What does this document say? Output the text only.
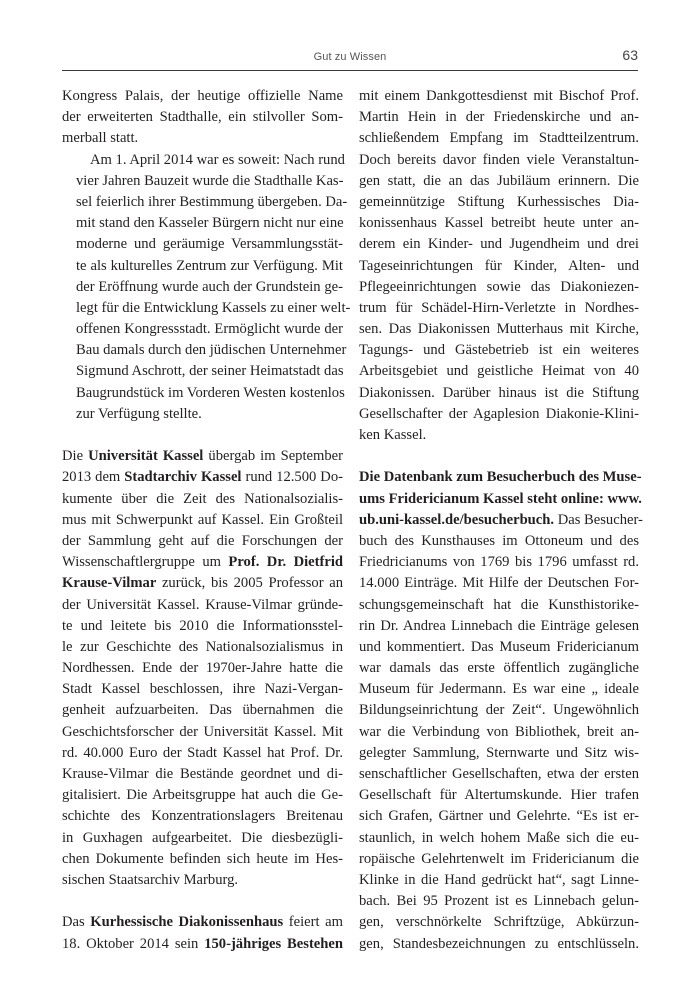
Gut zu Wissen	63
Kongress Palais, der heutige offizielle Name
der erweiterten Stadthalle, ein stilvoller Som-
merball statt.
Am 1. April 2014 war es soweit: Nach rund
vier Jahren Bauzeit wurde die Stadthalle Kas-
sel feierlich ihrer Bestimmung übergeben. Da-
mit stand den Kasseler Bürgern nicht nur eine
moderne und geräumige Versammlungsstät-
te als kulturelles Zentrum zur Verfügung. Mit
der Eröffnung wurde auch der Grundstein ge-
legt für die Entwicklung Kassels zu einer welt-
offenen Kongressstadt. Ermöglicht wurde der
Bau damals durch den jüdischen Unternehmer
Sigmund Aschrott, der seiner Heimatstadt das
Baugrundstück im Vorderen Westen kostenlos
zur Verfügung stellte.
Die Universität Kassel übergab im September
2013 dem Stadtarchiv Kassel rund 12.500 Do-
kumente über die Zeit des Nationalsozialis-
mus mit Schwerpunkt auf Kassel. Ein Großteil
der Sammlung geht auf die Forschungen der
Wissenschaftlergruppe um Prof. Dr. Dietfrid
Krause-Vilmar zurück, bis 2005 Professor an
der Universität Kassel. Krause-Vilmar gründe-
te und leitete bis 2010 die Informationsstel-
le zur Geschichte des Nationalsozialismus in
Nordhessen. Ende der 1970er-Jahre hatte die
Stadt Kassel beschlossen, ihre Nazi-Vergan-
genheit aufzuarbeiten. Das übernahmen die
Geschichtsforscher der Universität Kassel. Mit
rd. 40.000 Euro der Stadt Kassel hat Prof. Dr.
Krause-Vilmar die Bestände geordnet und di-
gitalisiert. Die Arbeitsgruppe hat auch die Ge-
schichte des Konzentrationslagers Breitenau
in Guxhagen aufgearbeitet. Die diesbezügli-
chen Dokumente befinden sich heute im Hes-
sischen Staatsarchiv Marburg.
Das Kurhessische Diakonissenhaus feiert am
18. Oktober 2014 sein 150-jähriges Bestehen
mit einem Dankgottesdienst mit Bischof Prof.
Martin Hein in der Friedenskirche und an-
schließendem Empfang im Stadtteilzentrum.
Doch bereits davor finden viele Veranstaltun-
gen statt, die an das Jubiläum erinnern. Die
gemeinnützige Stiftung Kurhessisches Dia-
konissenhaus Kassel betreibt heute unter an-
derem ein Kinder- und Jugendheim und drei
Tageseinrichtungen für Kinder, Alten- und
Pflegeeinrichtungen sowie das Diakoniezen-
trum für Schädel-Hirn-Verletzte in Nordhes-
sen. Das Diakonissen Mutterhaus mit Kirche,
Tagungs- und Gästebetrieb ist ein weiteres
Arbeitsgebiet und geistliche Heimat von 40
Diakonissen. Darüber hinaus ist die Stiftung
Gesellschafter der Agaplesion Diakonie-Klini-
ken Kassel.
Die Datenbank zum Besucherbuch des Muse-
ums Fridericianum Kassel steht online: www.
ub.uni-kassel.de/besucherbuch. Das Besucher-
buch des Kunsthauses im Ottoneum und des
Friedricianums von 1769 bis 1796 umfasst rd.
14.000 Einträge. Mit Hilfe der Deutschen For-
schungsgemeinschaft hat die Kunsthistorike-
rin Dr. Andrea Linnebach die Einträge gelesen
und kommentiert. Das Museum Fridericianum
war damals das erste öffentlich zugängliche
Museum für Jedermann. Es war eine „ ideale
Bildungseinrichtung der Zeit“. Ungewöhnlich
war die Verbindung von Bibliothek, breit an-
gelegter Sammlung, Sternwarte und Sitz wis-
senschaftlicher Gesellschaften, etwa der ersten
Gesellschaft für Altertumskunde. Hier trafen
sich Grafen, Gärtner und Gelehrte. “Es ist er-
staunlich, in welch hohem Maße sich die eu-
ropäische Gelehrtenwelt im Fridericianum die
Klinke in die Hand gedrückt hat“, sagt Linne-
bach. Bei 95 Prozent ist es Linnebach gelun-
gen, verschnörkelte Schriftzüge, Abkürzun-
gen, Standesbezeichnungen zu entschlüsseln.
